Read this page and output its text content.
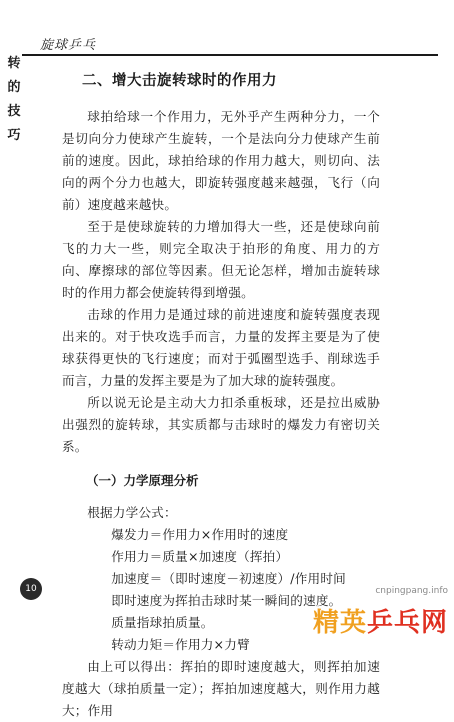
旋球乒乓
转
的
技
巧
二、增大击旋转球时的作用力

球拍给球一个作用力，无外乎产生两种分力，一个是切向分力使球产生旋转，一个是法向分力使球产生前前的速度。因此，球拍给球的作用力越大，则切向、法向的两个分力也越大，即旋转强度越来越强，飞行（向前）速度越来越快。

至于是使球旋转的力增加得大一些，还是使球向前飞的力大一些，则完全取决于拍形的角度、用力的方向、摩擦球的部位等因素。但无论怎样，增加击旋转球时的作用力都会使旋转得到增强。

击球的作用力是通过球的前进速度和旋转强度表现出来的。对于快攻选手而言，力量的发挥主要是为了使球获得更快的飞行速度；而对于弧圈型选手、削球选手而言，力量的发挥主要是为了加大球的旋转强度。

所以说无论是主动大力扣杀重板球，还是拉出威胁出强烈的旋转球，其实质都与击球时的爆发力有密切关系。

（一）力学原理分析

根据力学公式：

爆发力＝作用力×作用时的速度

作用力＝质量×加速度（挥拍）

加速度＝（即时速度－初速度）/作用时间

即时速度为挥拍击球时某一瞬间的速度。

质量指球拍质量。

转动力矩＝作用力×力臂

由上可以得出：挥拍的即时速度越大，则挥拍加速度越大（球拍质量一定）；挥拍加速度越大，则作用力越大；作用

10	cnpingpang.info
精英乒乓网
